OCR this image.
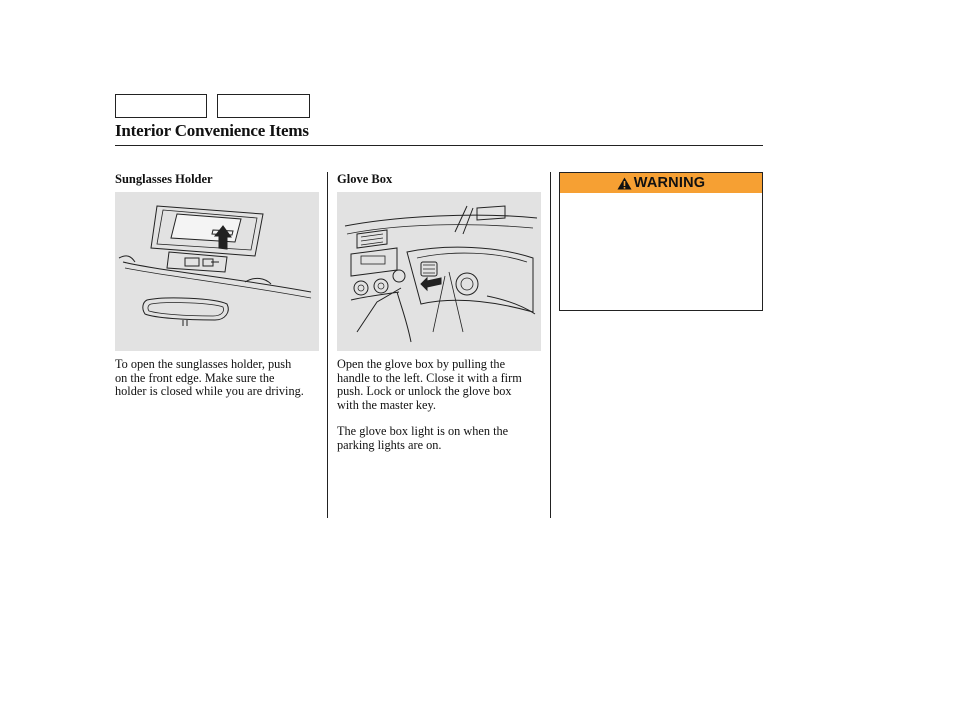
Interior Convenience Items
Sunglasses Holder

To open the sunglasses holder, push
on the front edge. Make sure the
holder is closed while you are driving.

Glove Box

Open the glove box by pulling the
handle to the left. Close it with a firm
push. Lock or unlock the glove box
with the master key.

The glove box light is on when the
parking lights are on.

WARNING
